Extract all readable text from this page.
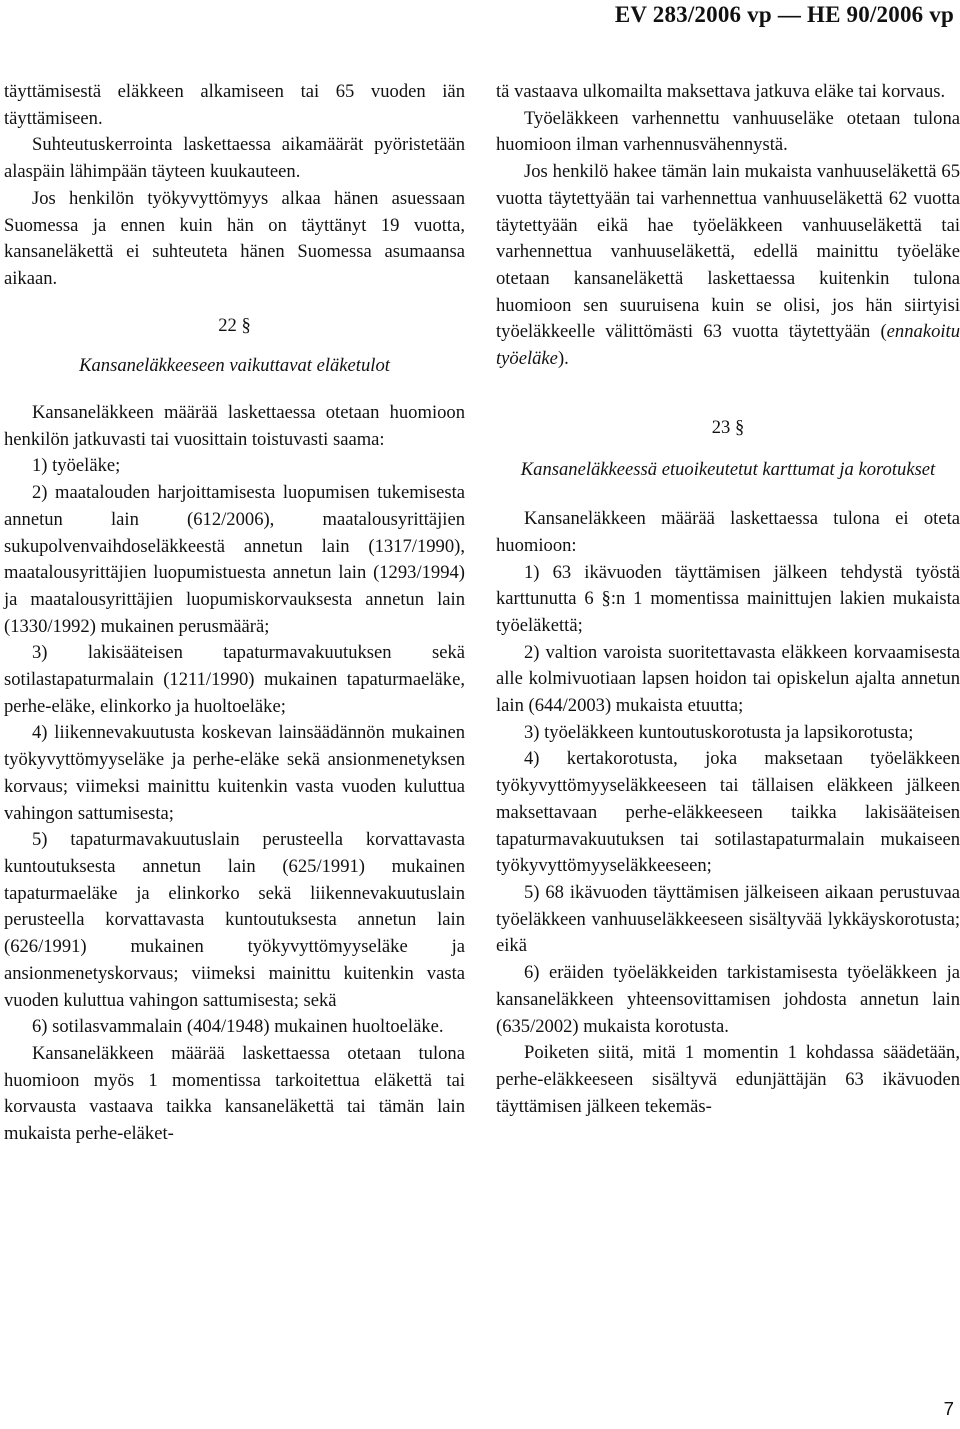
EV 283/2006 vp — HE 90/2006 vp

täyttämisestä eläkkeen alkamiseen tai 65 vuoden iän täyttämiseen.

Suhteutuskerrointa laskettaessa aikamäärät pyöristetään alaspäin lähimpään täyteen kuukauteen.

Jos henkilön työkyvyttömyys alkaa hänen asuessaan Suomessa ja ennen kuin hän on täyttänyt 19 vuotta, kansaneläkettä ei suhteuteta hänen Suomessa asumaansa aikaan.

22 §

Kansaneläkkeeseen vaikuttavat eläketulot

Kansaneläkkeen määrää laskettaessa otetaan huomioon henkilön jatkuvasti tai vuosittain toistuvasti saama:

1) työeläke;

2) maatalouden harjoittamisesta luopumisen tukemisesta annetun lain (612/2006), maatalousyrittäjien sukupolvenvaihdoseläkkeestä annetun lain (1317/1990), maatalousyrittäjien luopumistuesta annetun lain (1293/1994) ja maatalousyrittäjien luopumiskorvauksesta annetun lain (1330/1992) mukainen perusmäärä;

3) lakisääteisen tapaturmavakuutuksen sekä sotilastapaturmalain (1211/1990) mukainen tapaturmaeläke, perhe-eläke, elinkorko ja huoltoeläke;

4) liikennevakuutusta koskevan lainsäädännön mukainen työkyvyttömyyseläke ja perhe-eläke sekä ansionmenetyksen korvaus; viimeksi mainittu kuitenkin vasta vuoden kuluttua vahingon sattumisesta;

5) tapaturmavakuutuslain perusteella korvattavasta kuntoutuksesta annetun lain (625/1991) mukainen tapaturmaeläke ja elinkorko sekä liikennevakuutuslain perusteella korvattavasta kuntoutuksesta annetun lain (626/1991) mukainen työkyvyttömyyseläke ja ansionmenetyskorvaus; viimeksi mainittu kuitenkin vasta vuoden kuluttua vahingon sattumisesta; sekä

6) sotilasvammalain (404/1948) mukainen huoltoeläke.

Kansaneläkkeen määrää laskettaessa otetaan tulona huomioon myös 1 momentissa tarkoitettua eläkettä tai korvausta vastaava taikka kansaneläkettä tai tämän lain mukaista perhe-eläket-

tä vastaava ulkomailta maksettava jatkuva eläke tai korvaus.

Työeläkkeen varhennettu vanhuuseläke otetaan tulona huomioon ilman varhennusvähennystä.

Jos henkilö hakee tämän lain mukaista vanhuuseläkettä 65 vuotta täytettyään tai varhennettua vanhuuseläkettä 62 vuotta täytettyään eikä hae työeläkkeen vanhuuseläkettä tai varhennettua vanhuuseläkettä, edellä mainittu työeläke otetaan kansaneläkettä laskettaessa kuitenkin tulona huomioon sen suuruisena kuin se olisi, jos hän siirtyisi työeläkkeelle välittömästi 63 vuotta täytettyään (ennakoitu työeläke).

23 §

Kansaneläkkeessä etuoikeutetut karttumat ja korotukset

Kansaneläkkeen määrää laskettaessa tulona ei oteta huomioon:

1) 63 ikävuoden täyttämisen jälkeen tehdystä työstä karttunutta 6 §:n 1 momentissa mainittujen lakien mukaista työeläkettä;

2) valtion varoista suoritettavasta eläkkeen korvaamisesta alle kolmivuotiaan lapsen hoidon tai opiskelun ajalta annetun lain (644/2003) mukaista etuutta;

3) työeläkkeen kuntoutuskorotusta ja lapsikorotusta;

4) kertakorotusta, joka maksetaan työeläkkeen työkyvyttömyyseläkkeeseen tai tällaisen eläkkeen jälkeen maksettavaan perhe-eläkkeeseen taikka lakisääteisen tapaturmavakuutuksen tai sotilastapaturmalain mukaiseen työkyvyttömyyseläkkeeseen;

5) 68 ikävuoden täyttämisen jälkeiseen aikaan perustuvaa työeläkkeen vanhuuseläkkeeseen sisältyvää lykkäyskorotusta; eikä

6) eräiden työeläkkeiden tarkistamisesta työeläkkeen ja kansaneläkkeen yhteensovittamisen johdosta annetun lain (635/2002) mukaista korotusta.

Poiketen siitä, mitä 1 momentin 1 kohdassa säädetään, perhe-eläkkeeseen sisältyvä edunjättäjän 63 ikävuoden täyttämisen jälkeen tekemäs-

7
